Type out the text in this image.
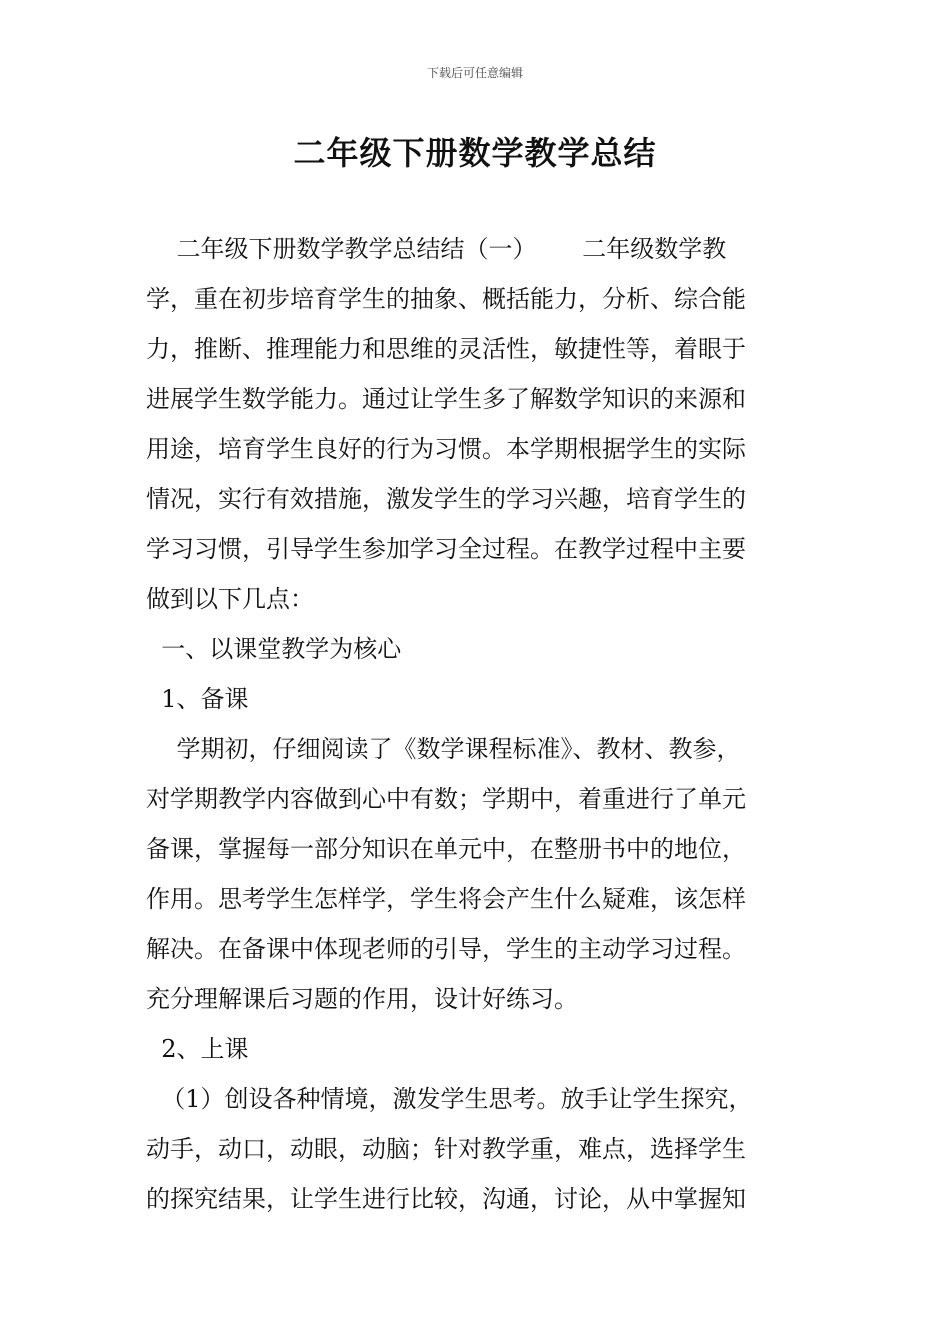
下载后可任意编辑
二年级下册数学教学总结
二年级下册数学教学总结结（一）      二年级数学教
学，重在初步培育学生的抽象、概括能力，分析、综合能
力，推断、推理能力和思维的灵活性，敏捷性等，着眼于
进展学生数学能力。通过让学生多了解数学知识的来源和
用途，培育学生良好的行为习惯。本学期根据学生的实际
情况，实行有效措施，激发学生的学习兴趣，培育学生的
学习习惯，引导学生参加学习全过程。在教学过程中主要
做到以下几点：
一、以课堂教学为核心
1、备课
学期初，仔细阅读了《数学课程标准》、教材、教参，
对学期教学内容做到心中有数；学期中，着重进行了单元
备课，掌握每一部分知识在单元中，在整册书中的地位，
作用。思考学生怎样学，学生将会产生什么疑难，该怎样
解决。在备课中体现老师的引导，学生的主动学习过程。
充分理解课后习题的作用，设计好练习。
2、上课
（1）创设各种情境，激发学生思考。放手让学生探究，
动手，动口，动眼，动脑；针对教学重，难点，选择学生
的探究结果，让学生进行比较，沟通，讨论，从中掌握知
